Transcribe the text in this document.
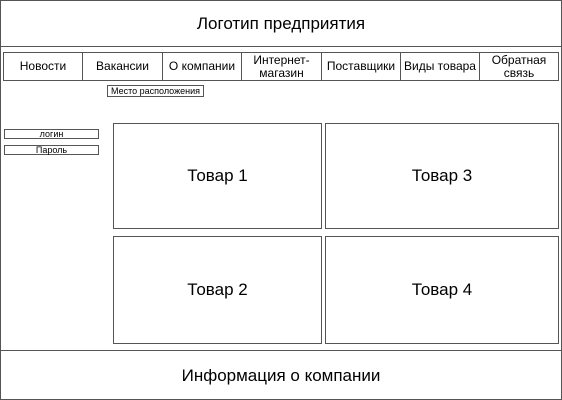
Логотип предприятия
Новости Вакансии О компании Интернет-
магазин	Поставщики Виды товара Обратная
связь
Место расположения
логин
Пароль
Товар 1	Товар 3
Товар 2	Товар 4
Информация о компании
